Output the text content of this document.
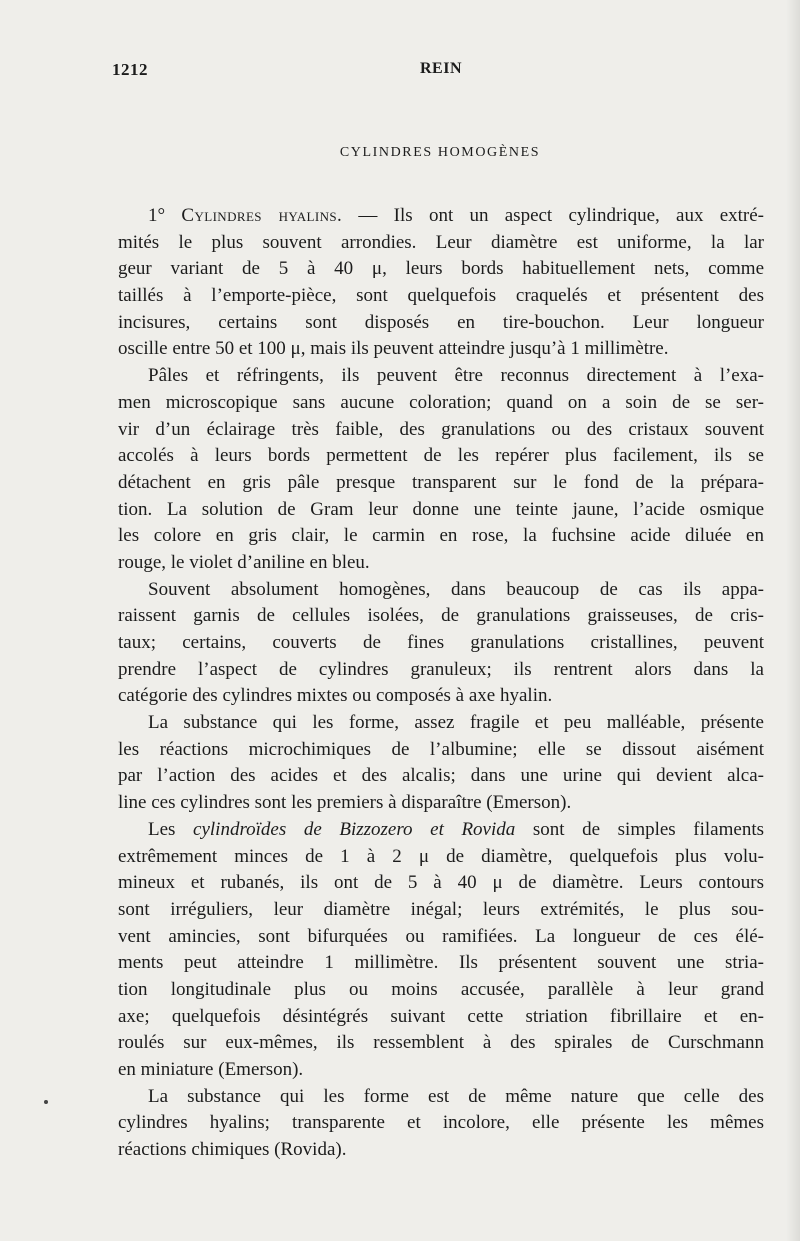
1212	REIN
CYLINDRES HOMOGÈNES
1° Cylindres hyalins. — Ils ont un aspect cylindrique, aux extré-
mités le plus souvent arrondies. Leur diamètre est uniforme, la lar
geur variant de 5 à 40 μ, leurs bords habituellement nets, comme
taillés à l’emporte-pièce, sont quelquefois craquelés et présentent des
incisures, certains sont disposés en tire-bouchon. Leur longueur
oscille entre 50 et 100 μ, mais ils peuvent atteindre jusqu’à 1 millimètre.
Pâles et réfringents, ils peuvent être reconnus directement à l’exa-
men microscopique sans aucune coloration; quand on a soin de se ser-
vir d’un éclairage très faible, des granulations ou des cristaux souvent
accolés à leurs bords permettent de les repérer plus facilement, ils se
détachent en gris pâle presque transparent sur le fond de la prépara-
tion. La solution de Gram leur donne une teinte jaune, l’acide osmique
les colore en gris clair, le carmin en rose, la fuchsine acide diluée en
rouge, le violet d’aniline en bleu.
Souvent absolument homogènes, dans beaucoup de cas ils appa-
raissent garnis de cellules isolées, de granulations graisseuses, de cris-
taux; certains, couverts de fines granulations cristallines, peuvent
prendre l’aspect de cylindres granuleux; ils rentrent alors dans la
catégorie des cylindres mixtes ou composés à axe hyalin.
La substance qui les forme, assez fragile et peu malléable, présente
les réactions microchimiques de l’albumine; elle se dissout aisément
par l’action des acides et des alcalis; dans une urine qui devient alca-
line ces cylindres sont les premiers à disparaître (Emerson).
Les cylindroïdes de Bizzozero et Rovida sont de simples filaments
extrêmement minces de 1 à 2 μ de diamètre, quelquefois plus volu-
mineux et rubanés, ils ont de 5 à 40 μ de diamètre. Leurs contours
sont irréguliers, leur diamètre inégal; leurs extrémités, le plus sou-
vent amincies, sont bifurquées ou ramifiées. La longueur de ces élé-
ments peut atteindre 1 millimètre. Ils présentent souvent une stria-
tion longitudinale plus ou moins accusée, parallèle à leur grand
axe; quelquefois désintégrés suivant cette striation fibrillaire et en-
roulés sur eux-mêmes, ils ressemblent à des spirales de Curschmann
en miniature (Emerson).
La substance qui les forme est de même nature que celle des
cylindres hyalins; transparente et incolore, elle présente les mêmes
réactions chimiques (Rovida).
